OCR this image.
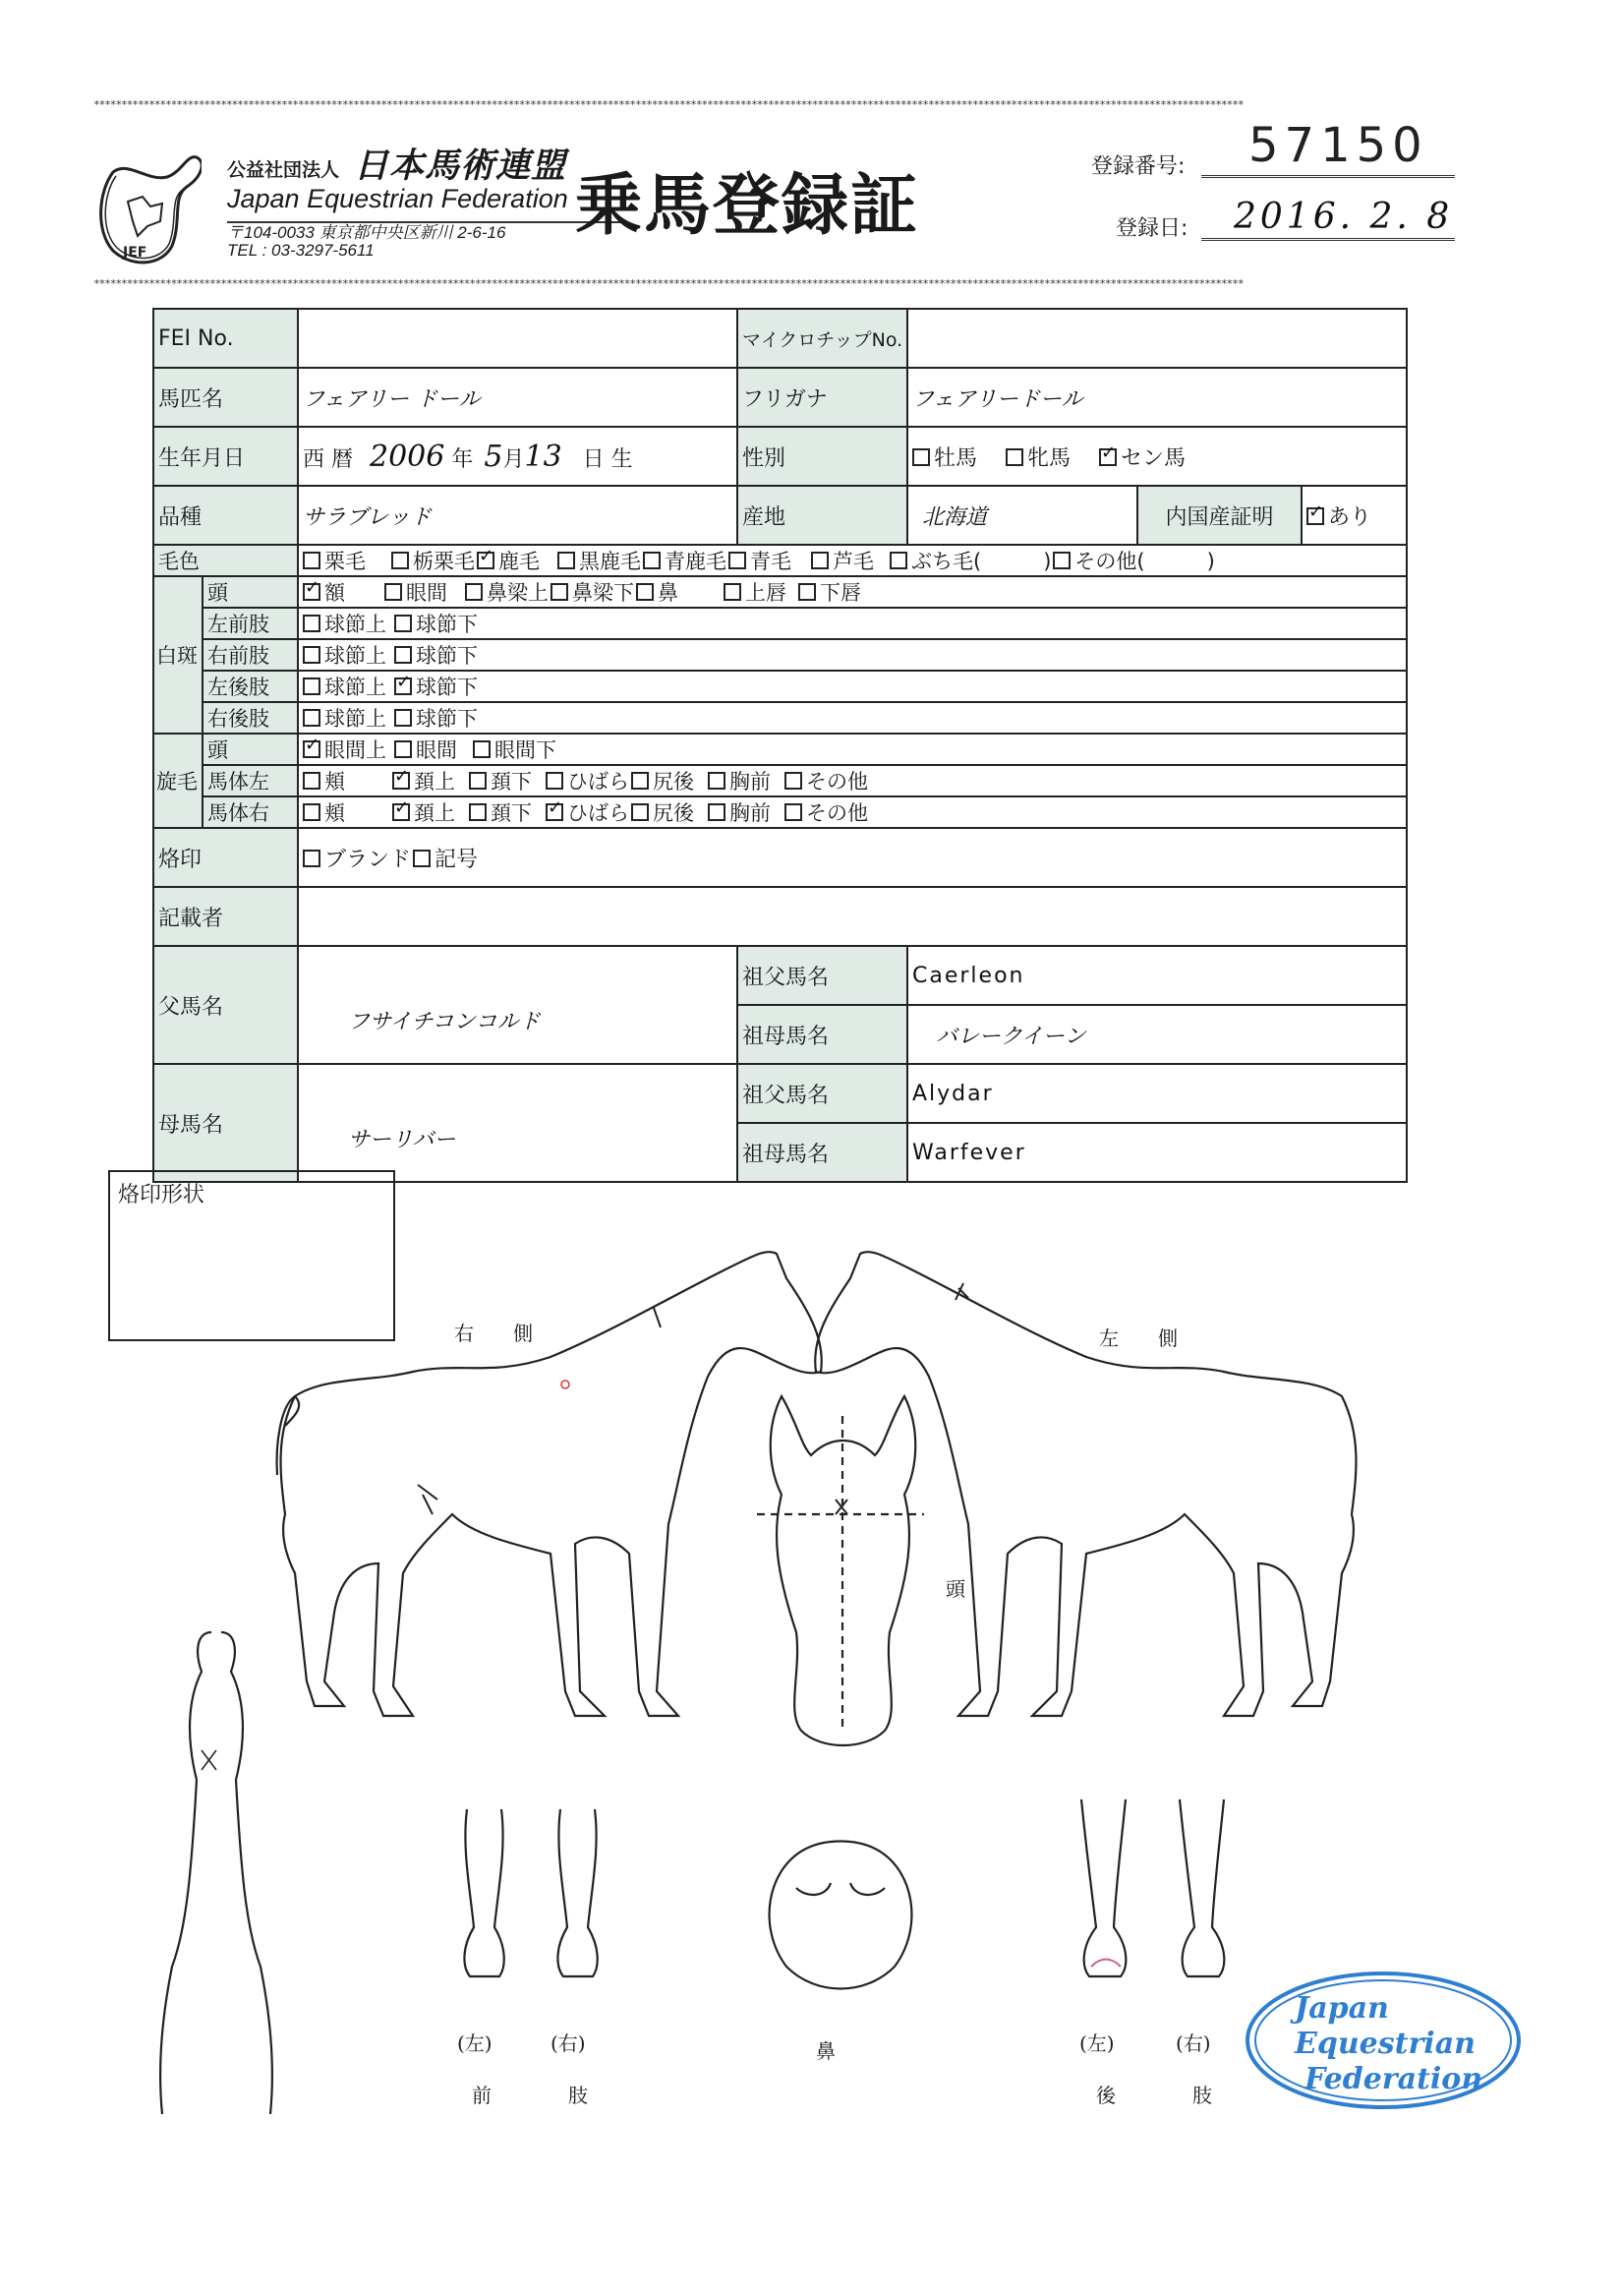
****************************************************************************************************************************************************************************************************************
****************************************************************************************************************************************************************************************************************
JEF
公益社団法人 日本馬術連盟
Japan Equestrian Federation
〒104-0033 東京都中央区新川 2-6-16
TEL : 03-3297-5611
乗馬登録証
登録番号: 57150
登録日: 2016. 2. 8
FEI No.			マイクロチップNo.			
馬匹名		フェアリー ドール	フリガナ	フェアリードール		
生年月日		西 暦 2006 年 5月13 日 生	性別	牡馬 牝馬 ✓ セン馬
品種		サラブレッド	産地	北海道	内国産証明	✓あり
毛色		栗毛 栃栗毛 ✓ 鹿毛 黒鹿毛 青鹿毛 青毛 芦毛 ぶち毛(　　　) その他(　　　)
白斑	頭	✓額 眼間 鼻梁上 鼻梁下 鼻 上唇 下唇
	左前肢	球節上 球節下				
	右前肢	球節上 球節下				
	左後肢	球節上 ✓ 球節下
	右後肢	球節上 球節下				
旋毛	頭	✓眼間上 眼間 眼間下
	馬体左	頬 ✓ 頚上 頚下 ひばら 尻後 胸前 その他
	馬体右	頬 ✓ 頚上 頚下 ✓ ひばら 尻後 胸前 その他
烙印		ブランド 記号				
記載者						
父馬名		フサイチコンコルド	祖父馬名	Caerleon		
			祖母馬名	バレークイーン		
母馬名		サーリバー	祖父馬名	Alydar		
			祖母馬名	Warfever		
烙印形状
右　　側	左　　側
頭
鼻
(左)	(右)
前	肢
(左)	(右)
後	肢
Japan
Equestrian
Federation
